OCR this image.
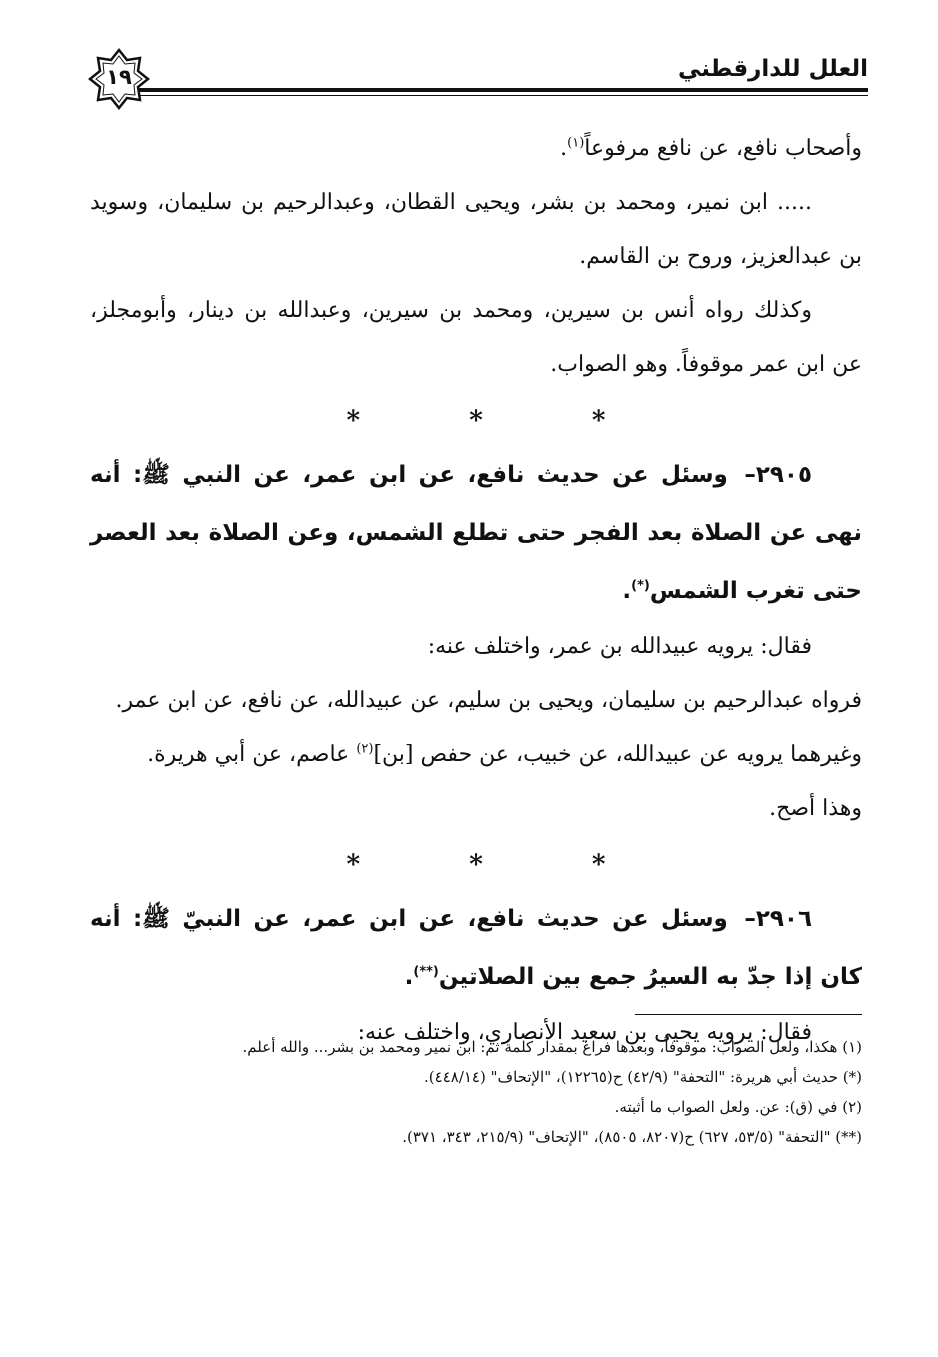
العلل للدارقطني
١٩

وأصحاب نافع، عن نافع مرفوعاً$^{(١)}$.

..... ابن نمير، ومحمد بن بشر، ويحيى القطان، وعبدالرحيم بن سليمان، وسويد بن عبدالعزيز، وروح بن القاسم.

وكذلك رواه أنس بن سيرين، ومحمد بن سيرين، وعبدالله بن دينار، وأبومجلز، عن ابن عمر موقوفاً. وهو الصواب.

* * *

٢٩٠٥– وسئل عن حديث نافع، عن ابن عمر، عن النبي ﷺ: أنه نهى عن الصلاة بعد الفجر حتى تطلع الشمس، وعن الصلاة بعد العصر حتى تغرب الشمس(*).

فقال: يرويه عبيدالله بن عمر، واختلف عنه:

فرواه عبدالرحيم بن سليمان، ويحيى بن سليم، عن عبيدالله، عن نافع، عن ابن عمر.

وغيرهما يرويه عن عبيدالله، عن خبيب، عن حفص [بن]$^{(٢)}$ عاصم، عن أبي هريرة.

وهذا أصح.

* * *

٢٩٠٦– وسئل عن حديث نافع، عن ابن عمر، عن النبيّ ﷺ: أنه كان إذا جدّ به السيرُ جمع بين الصلاتين(**).

فقال: يرويه يحيى بن سعيد الأنصاري، واختلف عنه:

(١) هكذا، ولعل الصواب: موقوفاً، وبعدها فراغ بمقدار كلمة ثم: ابن نمير ومحمد بن بشر... والله أعلم.

(*) حديث أبي هريرة: "التحفة" (٤٢/٩) ح(١٢٢٦٥)، "الإتحاف" (٤٤٨/١٤).

(٢) في (ق): عن. ولعل الصواب ما أثبته.

(**) "التحفة" (٥٣/٥، ٦٢٧) ح(٨٢٠٧، ٨٥٠٥)، "الإتحاف" (٢١٥/٩، ٣٤٣، ٣٧١).
